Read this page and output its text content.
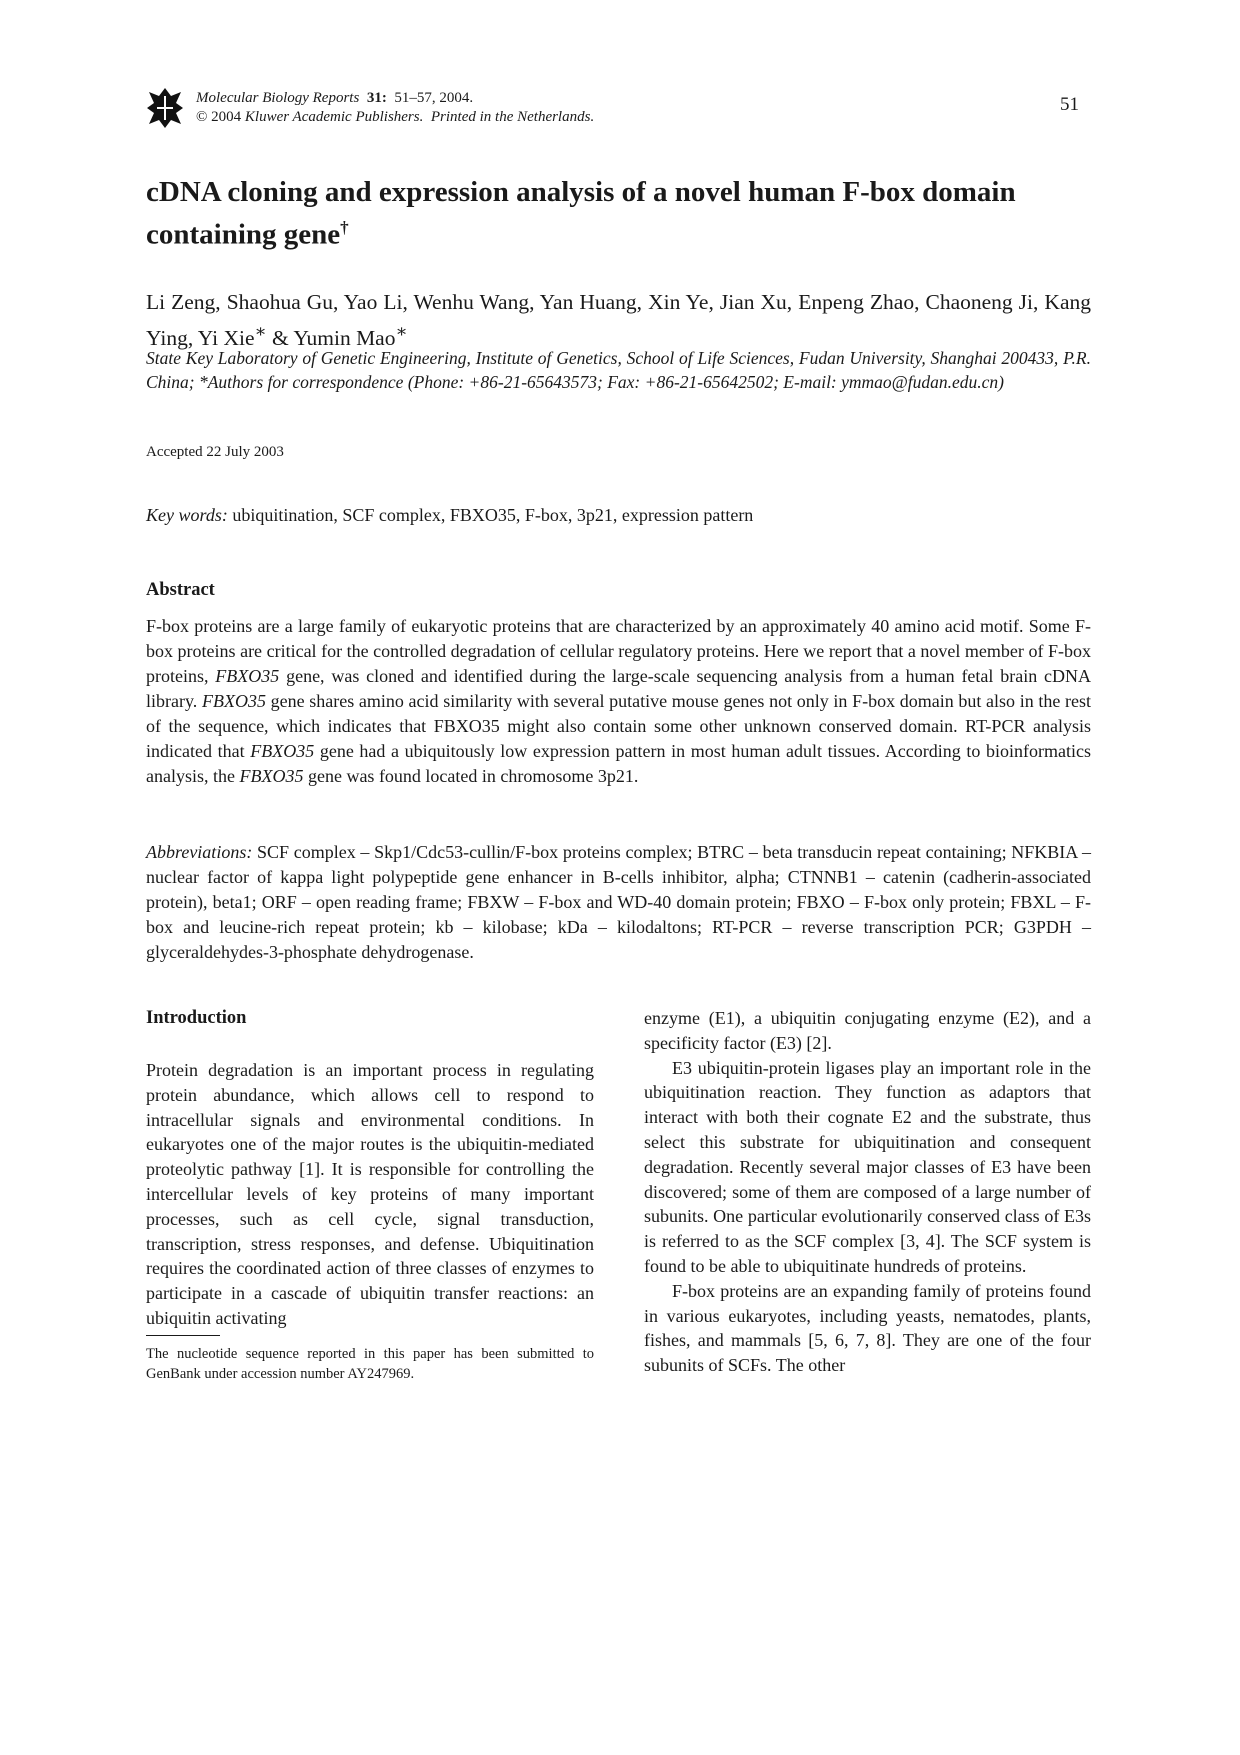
Molecular Biology Reports 31: 51–57, 2004.
© 2004 Kluwer Academic Publishers. Printed in the Netherlands.
51
cDNA cloning and expression analysis of a novel human F-box domain containing gene†
Li Zeng, Shaohua Gu, Yao Li, Wenhu Wang, Yan Huang, Xin Ye, Jian Xu, Enpeng Zhao, Chaoneng Ji, Kang Ying, Yi Xie∗ & Yumin Mao∗
State Key Laboratory of Genetic Engineering, Institute of Genetics, School of Life Sciences, Fudan University, Shanghai 200433, P.R. China; *Authors for correspondence (Phone: +86-21-65643573; Fax: +86-21-65642502; E-mail: ymmao@fudan.edu.cn)
Accepted 22 July 2003
Key words: ubiquitination, SCF complex, FBXO35, F-box, 3p21, expression pattern
Abstract

F-box proteins are a large family of eukaryotic proteins that are characterized by an approximately 40 amino acid motif. Some F-box proteins are critical for the controlled degradation of cellular regulatory proteins. Here we report that a novel member of F-box proteins, FBXO35 gene, was cloned and identified during the large-scale sequencing analysis from a human fetal brain cDNA library. FBXO35 gene shares amino acid similarity with several putative mouse genes not only in F-box domain but also in the rest of the sequence, which indicates that FBXO35 might also contain some other unknown conserved domain. RT-PCR analysis indicated that FBXO35 gene had a ubiquitously low expression pattern in most human adult tissues. According to bioinformatics analysis, the FBXO35 gene was found located in chromosome 3p21.

Abbreviations: SCF complex – Skp1/Cdc53-cullin/F-box proteins complex; BTRC – beta transducin repeat containing; NFKBIA – nuclear factor of kappa light polypeptide gene enhancer in B-cells inhibitor, alpha; CTNNB1 – catenin (cadherin-associated protein), beta1; ORF – open reading frame; FBXW – F-box and WD-40 domain protein; FBXO – F-box only protein; FBXL – F-box and leucine-rich repeat protein; kb – kilobase; kDa – kilodaltons; RT-PCR – reverse transcription PCR; G3PDH – glyceraldehydes-3-phosphate dehydrogenase.

Introduction

Protein degradation is an important process in regulating protein abundance, which allows cell to respond to intracellular signals and environmental conditions. In eukaryotes one of the major routes is the ubiquitin-mediated proteolytic pathway [1]. It is responsible for controlling the intercellular levels of key proteins of many important processes, such as cell cycle, signal transduction, transcription, stress responses, and defense. Ubiquitination requires the coordinated action of three classes of enzymes to participate in a cascade of ubiquitin transfer reactions: an ubiquitin activating

The nucleotide sequence reported in this paper has been submitted to GenBank under accession number AY247969.

enzyme (E1), a ubiquitin conjugating enzyme (E2), and a specificity factor (E3) [2].

E3 ubiquitin-protein ligases play an important role in the ubiquitination reaction. They function as adaptors that interact with both their cognate E2 and the substrate, thus select this substrate for ubiquitination and consequent degradation. Recently several major classes of E3 have been discovered; some of them are composed of a large number of subunits. One particular evolutionarily conserved class of E3s is referred to as the SCF complex [3, 4]. The SCF system is found to be able to ubiquitinate hundreds of proteins.

F-box proteins are an expanding family of proteins found in various eukaryotes, including yeasts, nematodes, plants, fishes, and mammals [5, 6, 7, 8]. They are one of the four subunits of SCFs. The other
